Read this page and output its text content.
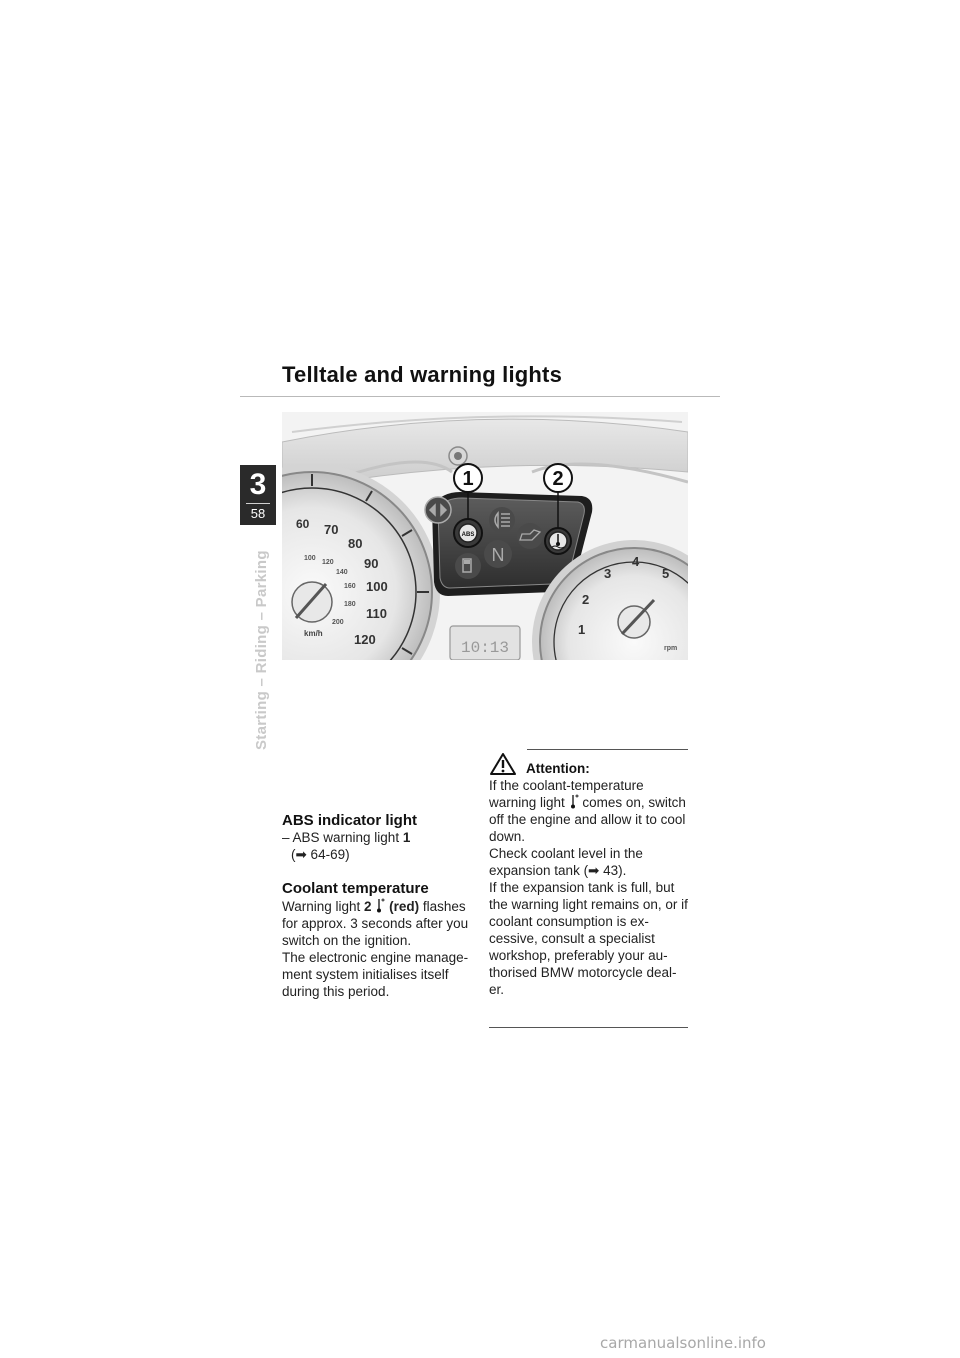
Telltale and warning lights
3
58
Starting – Riding – Parking
60 70
80
90
100
110
120
100
120
140
160
180
200
km/h
ABS
N
1	2
1
2
3
4
5
rpm
10:13
ABS indicator light
– ABS warning light 1
(➡ 64-69)
Coolant temperature
Warning light 2 (red) flashes for approx. 3 seconds after you switch on the ignition.
The electronic engine manage-ment system initialises itself during this period.
Attention:
If the coolant-temperature warning light  comes on, switch off the engine and allow it to cool down.
Check coolant level in the expansion tank (➡ 43).
If the expansion tank is full, but the warning light remains on, or if coolant consumption is ex-cessive, consult a specialist workshop, preferably your au-thorised BMW motorcycle deal-er.
carmanualsonline.info
